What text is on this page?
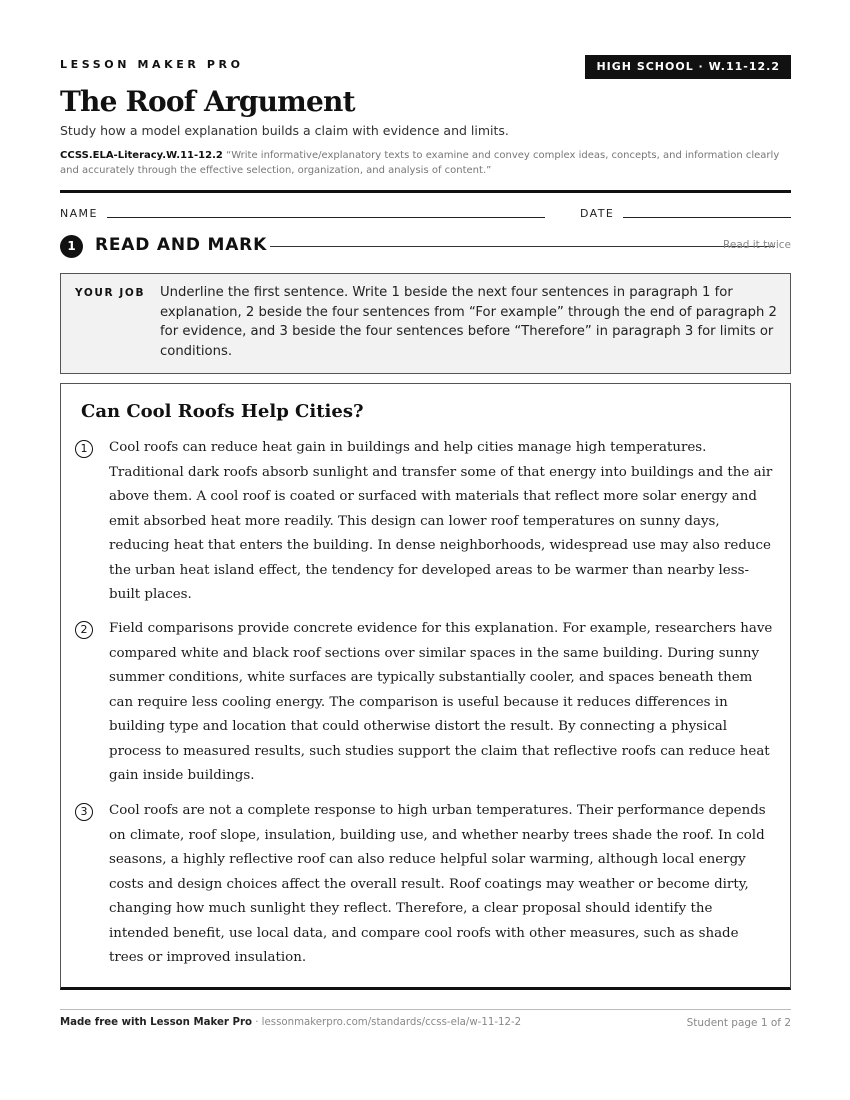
LESSON MAKER PRO	HIGH SCHOOL · W.11-12.2
The Roof Argument
Study how a model explanation builds a claim with evidence and limits.
CCSS.ELA-Literacy.W.11-12.2 “Write informative/explanatory texts to examine and convey complex ideas, concepts, and information clearly and accurately through the effective selection, organization, and analysis of content.”
NAME	DATE
1	READ AND MARK	Read it twice
YOUR JOB Underline the first sentence. Write 1 beside the next four sentences in paragraph 1 for explanation, 2 beside the four sentences from “For example” through the end of paragraph 2 for evidence, and 3 beside the four sentences before “Therefore” in paragraph 3 for limits or conditions.
Can Cool Roofs Help Cities?
1	Cool roofs can reduce heat gain in buildings and help cities manage high temperatures. Traditional dark roofs absorb sunlight and transfer some of that energy into buildings and the air above them. A cool roof is coated or surfaced with materials that reflect more solar energy and emit absorbed heat more readily. This design can lower roof temperatures on sunny days, reducing heat that enters the building. In dense neighborhoods, widespread use may also reduce the urban heat island effect, the tendency for developed areas to be warmer than nearby less-built places.
2	Field comparisons provide concrete evidence for this explanation. For example, researchers have compared white and black roof sections over similar spaces in the same building. During sunny summer conditions, white surfaces are typically substantially cooler, and spaces beneath them can require less cooling energy. The comparison is useful because it reduces differences in building type and location that could otherwise distort the result. By connecting a physical process to measured results, such studies support the claim that reflective roofs can reduce heat gain inside buildings.
3	Cool roofs are not a complete response to high urban temperatures. Their performance depends on climate, roof slope, insulation, building use, and whether nearby trees shade the roof. In cold seasons, a highly reflective roof can also reduce helpful solar warming, although local energy costs and design choices affect the overall result. Roof coatings may weather or become dirty, changing how much sunlight they reflect. Therefore, a clear proposal should identify the intended benefit, use local data, and compare cool roofs with other measures, such as shade trees or improved insulation.
Made free with Lesson Maker Pro · lessonmakerpro.com/standards/ccss-ela/w-11-12-2	Student page 1 of 2
